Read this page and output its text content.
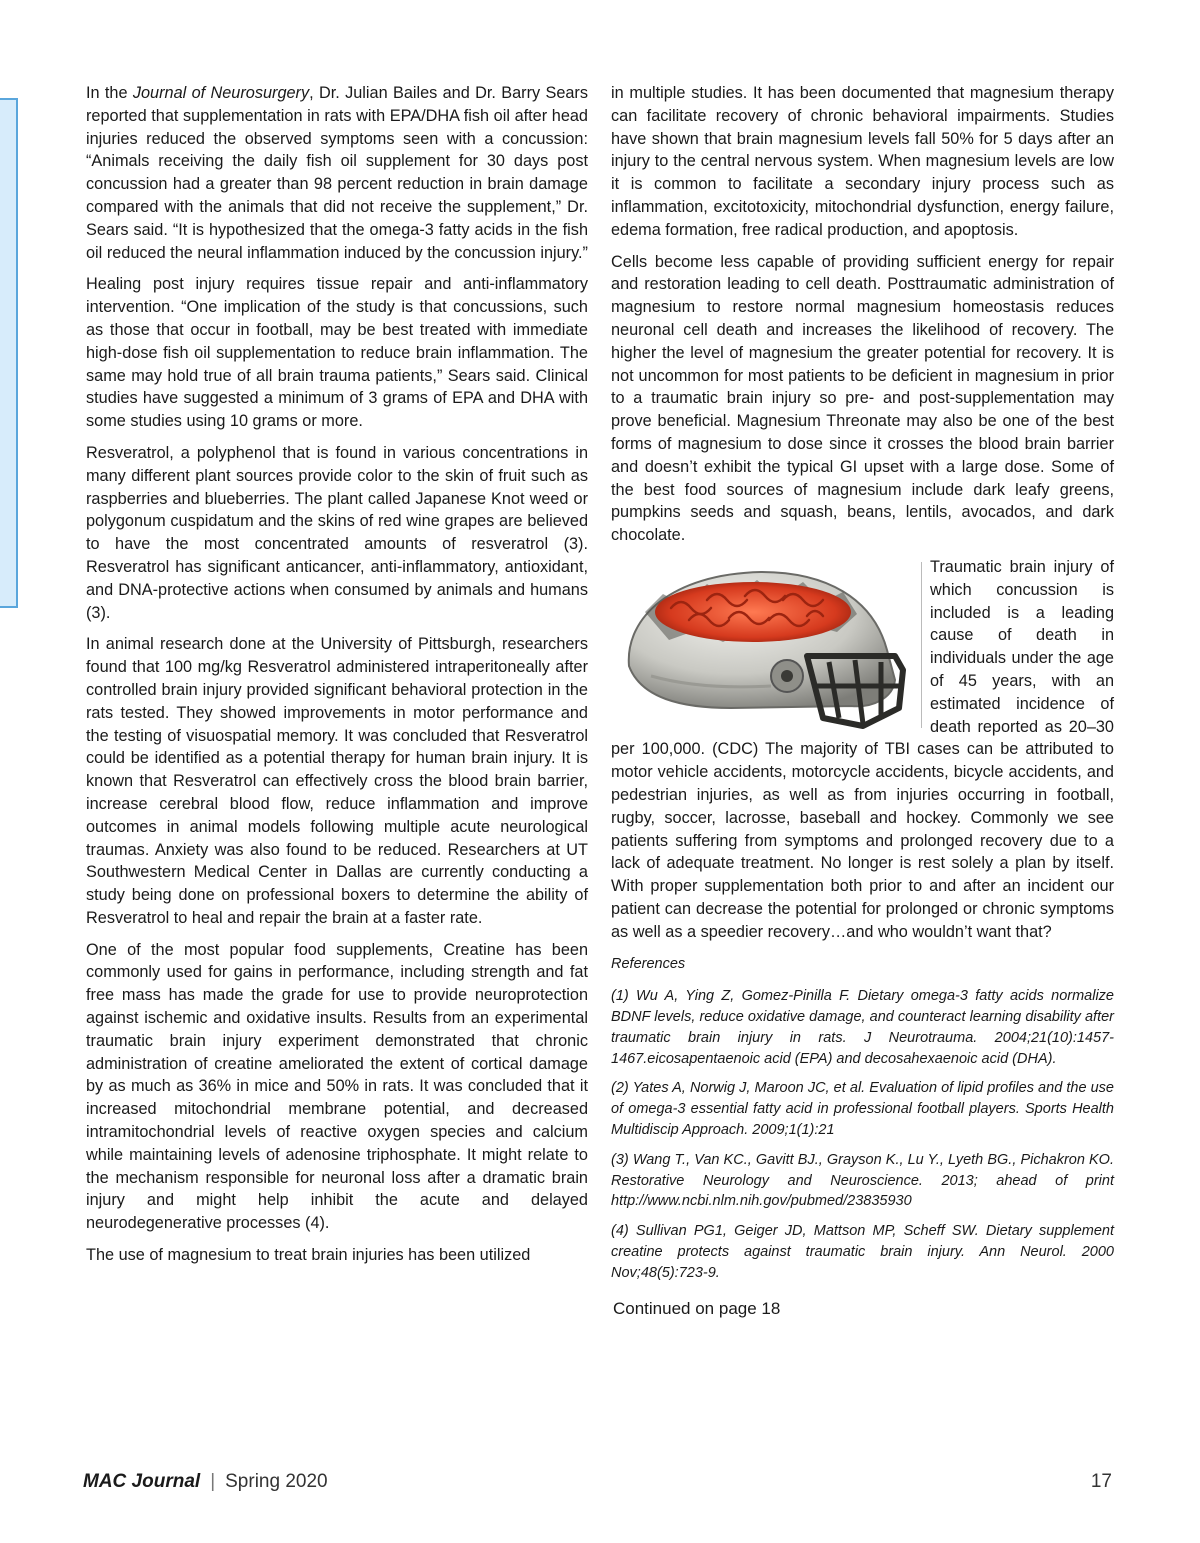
In the Journal of Neurosurgery, Dr. Julian Bailes and Dr. Barry Sears reported that supplementation in rats with EPA/DHA fish oil after head injuries reduced the observed symptoms seen with a concussion: “Animals receiving the daily fish oil supplement for 30 days post concussion had a greater than 98 percent reduction in brain damage compared with the animals that did not receive the supplement,” Dr. Sears said. “It is hypothesized that the omega-3 fatty acids in the fish oil reduced the neural inflammation induced by the concussion injury.”

Healing post injury requires tissue repair and anti-inflammatory intervention. “One implication of the study is that concussions, such as those that occur in football, may be best treated with immediate high-dose fish oil supplementation to reduce brain inflammation. The same may hold true of all brain trauma patients,” Sears said. Clinical studies have suggested a minimum of 3 grams of EPA and DHA with some studies using 10 grams or more.

Resveratrol, a polyphenol that is found in various concentrations in many different plant sources provide color to the skin of fruit such as raspberries and blueberries. The plant called Japanese Knot weed or polygonum cuspidatum and the skins of red wine grapes are believed to have the most concentrated amounts of resveratrol (3). Resveratrol has significant anticancer, anti-inflammatory, antioxidant, and DNA-protective actions when consumed by animals and humans (3).

In animal research done at the University of Pittsburgh, researchers found that 100 mg/kg Resveratrol administered intraperitoneally after controlled brain injury provided significant behavioral protection in the rats tested. They showed improvements in motor performance and the testing of visuospatial memory. It was concluded that Resveratrol could be identified as a potential therapy for human brain injury. It is known that Resveratrol can effectively cross the blood brain barrier, increase cerebral blood flow, reduce inflammation and improve outcomes in animal models following multiple acute neurological traumas. Anxiety was also found to be reduced. Researchers at UT Southwestern Medical Center in Dallas are currently conducting a study being done on professional boxers to determine the ability of Resveratrol to heal and repair the brain at a faster rate.

One of the most popular food supplements, Creatine has been commonly used for gains in performance, including strength and fat free mass has made the grade for use to provide neuroprotection against ischemic and oxidative insults. Results from an experimental traumatic brain injury experiment demonstrated that chronic administration of creatine ameliorated the extent of cortical damage by as much as 36% in mice and 50% in rats. It was concluded that it increased mitochondrial membrane potential, and decreased intramitochondrial levels of reactive oxygen species and calcium while maintaining levels of adenosine triphosphate. It might relate to the mechanism responsible for neuronal loss after a dramatic brain injury and might help inhibit the acute and delayed neurodegenerative processes (4).

The use of magnesium to treat brain injuries has been utilized

in multiple studies. It has been documented that magnesium therapy can facilitate recovery of chronic behavioral impairments. Studies have shown that brain magnesium levels fall 50% for 5 days after an injury to the central nervous system. When magnesium levels are low it is common to facilitate a secondary injury process such as inflammation, excitotoxicity, mitochondrial dysfunction, energy failure, edema formation, free radical production, and apoptosis.

Cells become less capable of providing sufficient energy for repair and restoration leading to cell death. Posttraumatic administration of magnesium to restore normal magnesium homeostasis reduces neuronal cell death and increases the likelihood of recovery. The higher the level of magnesium the greater potential for recovery. It is not uncommon for most patients to be deficient in magnesium in prior to a traumatic brain injury so pre- and post-supplementation may prove beneficial. Magnesium Threonate may also be one of the best forms of magnesium to dose since it crosses the blood brain barrier and doesn’t exhibit the typical GI upset with a large dose. Some of the best food sources of magnesium include dark leafy greens, pumpkins seeds and squash, beans, lentils, avocados, and dark chocolate.

Traumatic brain injury of which concussion is included is a leading cause of death in individuals under the age of 45 years, with an estimated incidence of death reported as 20–30 per 100,000. (CDC) The majority of TBI cases can be attributed to motor vehicle accidents, motorcycle accidents, bicycle accidents, and pedestrian injuries, as well as from injuries occurring in football, rugby, soccer, lacrosse, baseball and hockey. Commonly we see patients suffering from symptoms and prolonged recovery due to a lack of adequate treatment. No longer is rest solely a plan by itself. With proper supplementation both prior to and after an incident our patient can decrease the potential for prolonged or chronic symptoms as well as a speedier recovery…and who wouldn’t want that?

References

(1) Wu A, Ying Z, Gomez-Pinilla F. Dietary omega-3 fatty acids normalize BDNF levels, reduce oxidative damage, and counteract learning disability after traumatic brain injury in rats. J Neurotrauma. 2004;21(10):1457-1467.eicosapentaenoic acid (EPA) and decosahexaenoic acid (DHA).

(2) Yates A, Norwig J, Maroon JC, et al. Evaluation of lipid profiles and the use of omega-3 essential fatty acid in professional football players. Sports Health Multidiscip Approach. 2009;1(1):21

(3) Wang T., Van KC., Gavitt BJ., Grayson K., Lu Y., Lyeth BG., Pichakron KO. Restorative Neurology and Neuroscience. 2013; ahead of print http://www.ncbi.nlm.nih.gov/pubmed/23835930

(4) Sullivan PG1, Geiger JD, Mattson MP, Scheff SW. Dietary supplement creatine protects against traumatic brain injury. Ann Neurol. 2000 Nov;48(5):723-9.

Continued on page 18
MAC Journal | Spring 2020	17
